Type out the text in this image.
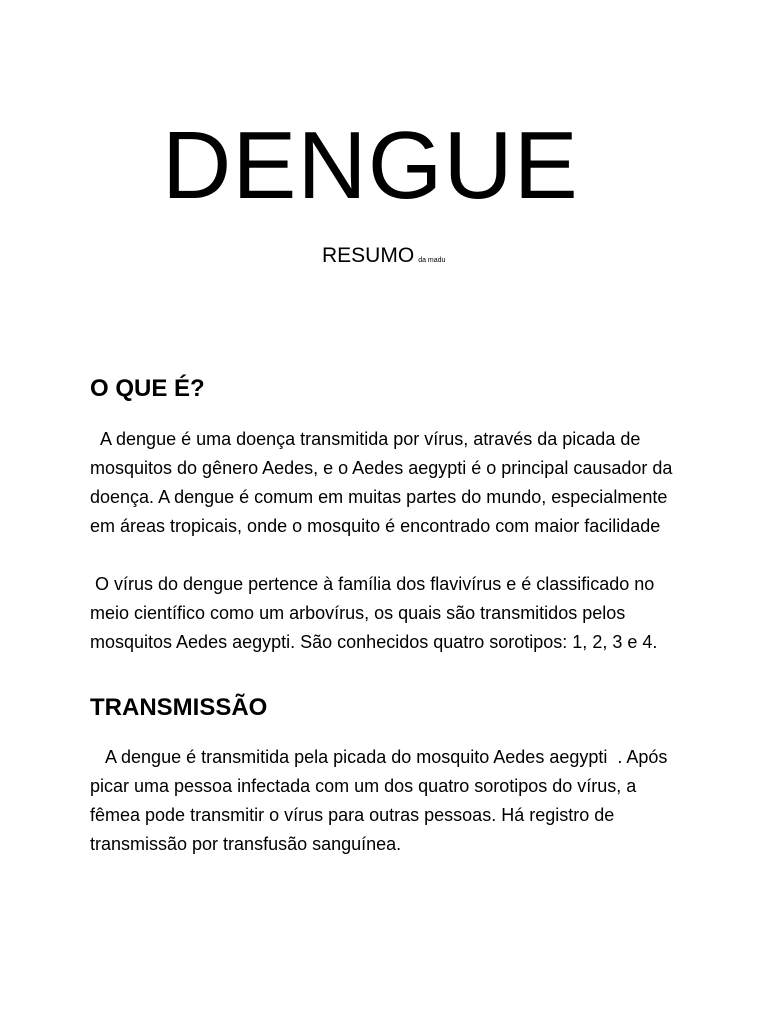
DENGUE
RESUMO da madu
O QUE É?

A dengue é uma doença transmitida por vírus, através da picada de mosquitos do gênero Aedes, e o Aedes aegypti é o principal causador da doença. A dengue é comum em muitas partes do mundo, especialmente em áreas tropicais, onde o mosquito é encontrado com maior facilidade

O vírus do dengue pertence à família dos flavivírus e é classificado no meio científico como um arbovírus, os quais são transmitidos pelos mosquitos Aedes aegypti. São conhecidos quatro sorotipos: 1, 2, 3 e 4.

TRANSMISSÃO

A dengue é transmitida pela picada do mosquito Aedes aegypti  . Após picar uma pessoa infectada com um dos quatro sorotipos do vírus, a fêmea pode transmitir o vírus para outras pessoas. Há registro de transmissão por transfusão sanguínea.
